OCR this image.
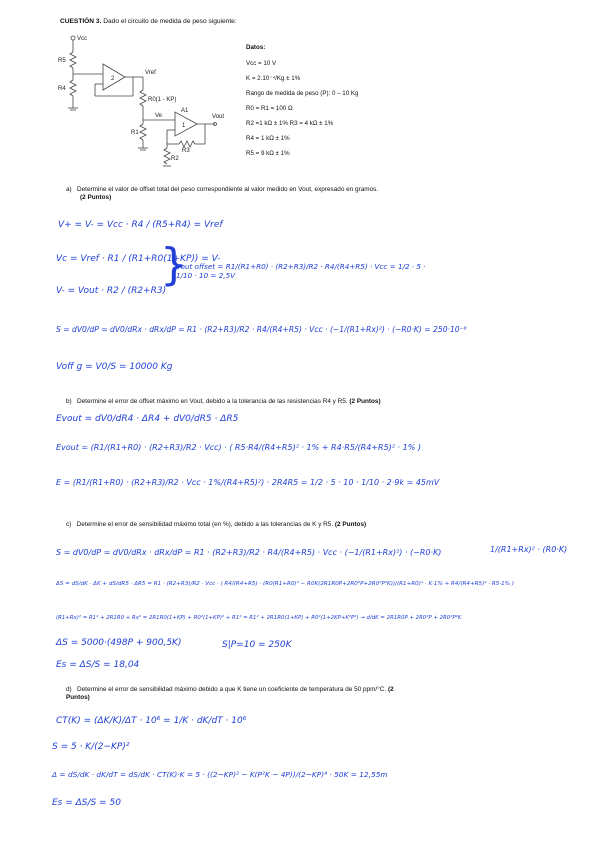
CUESTIÓN 3. Dado el circuito de medida de peso siguiente:
Vcc
R5
R4
2
Vref
R0(1 - KP)
Ve
A1
1
Vout
R1
R3
R2
Datos:
Vcc = 10 V
K = 2.10⁻⁴/Kg ± 1%
Rango de medida de peso (P): 0 – 10 Kg
R0 = R1 = 100 Ω
R2 =1 kΩ ± 1% R3 = 4 kΩ ± 1%
R4 = 1 kΩ ± 1%
R5 = 9 kΩ ± 1%
a) Determine el valor de offset total del peso correspondiente al valor medido en Vout, expresado en gramos.
(2 Puntos)
V+ = V- = Vcc · R4 / (R5+R4) = Vref
Vc = Vref · R1 / (R1+R0(1+KP)) = V-
V- = Vout · R2 / (R2+R3)
}
Vout offset = R1/(R1+R0) · (R2+R3)/R2 · R4/(R4+R5) · Vcc = 1/2 · 5 · 1/10 · 10 = 2,5V
S = dV0/dP = dV0/dRx · dRx/dP = R1 · (R2+R3)/R2 · R4/(R4+R5) · Vcc · (−1/(R1+Rx)²) · (−R0·K) = 250·10⁻⁶
Voff g = V0/S = 10000 Kg
b) Determine el error de offset máximo en Vout, debido a la tolerancia de las resistencias R4 y R5. (2 Puntos)
Evout = dV0/dR4 · ΔR4 + dV0/dR5 · ΔR5
Evout = (R1/(R1+R0) · (R2+R3)/R2 · Vcc) · ( R5·R4/(R4+R5)² · 1% + R4·R5/(R4+R5)² · 1% )
E = (R1/(R1+R0) · (R2+R3)/R2 · Vcc · 1%/(R4+R5)²) · 2R4R5 = 1/2 · 5 · 10 · 1/10 · 2·9k = 45mV
c) Determine el error de sensibilidad máximo total (en %), debido a las tolerancias de K y R5. (2 Puntos)
S = dV0/dP = dV0/dRx · dRx/dP = R1 · (R2+R3)/R2 · R4/(R4+R5) · Vcc · (−1/(R1+Rx)²) · (−R0·K)	1/(R1+Rx)² · (R0·K)
ΔS = dS/dK · ΔK + dS/dR5 · ΔR5 = R1 · (R2+R3)/R2 · Vcc · ( R4/(R4+R5) · (R0(R1+R0)² − R0K(2R1R0P+2R0²P+2R0²P²K))/(R1+R0)⁴ · K·1% + R4/(R4+R5)² · R5·1% )
(R1+Rx)² = R1² + 2R1R0 + Rx² = 2R1R0(1+KP) + R0²(1+KP)² + R1² = R1² + 2R1R0(1+KP) + R0²(1+2KP+K²P²) → d/dK = 2R1R0P + 2R0²P + 2R0²P²K
ΔS = 5000·(498P + 900,5K)	S|P=10 = 250K
Es = ΔS/S = 18,04
d) Determine el error de sensibilidad máximo debido a que K tiene un coeficiente de temperatura de 50 ppm/°C. (2 Puntos)
CT(K) = (ΔK/K)/ΔT · 10⁶ = 1/K · dK/dT · 10⁶
S = 5 · K/(2−KP)²
Δ = dS/dK · dK/dT = dS/dK · CT(K)·K = 5 · ((2−KP)² − K(P²K − 4P))/(2−KP)⁴ · 50K = 12,55m
Es = ΔS/S = 50
